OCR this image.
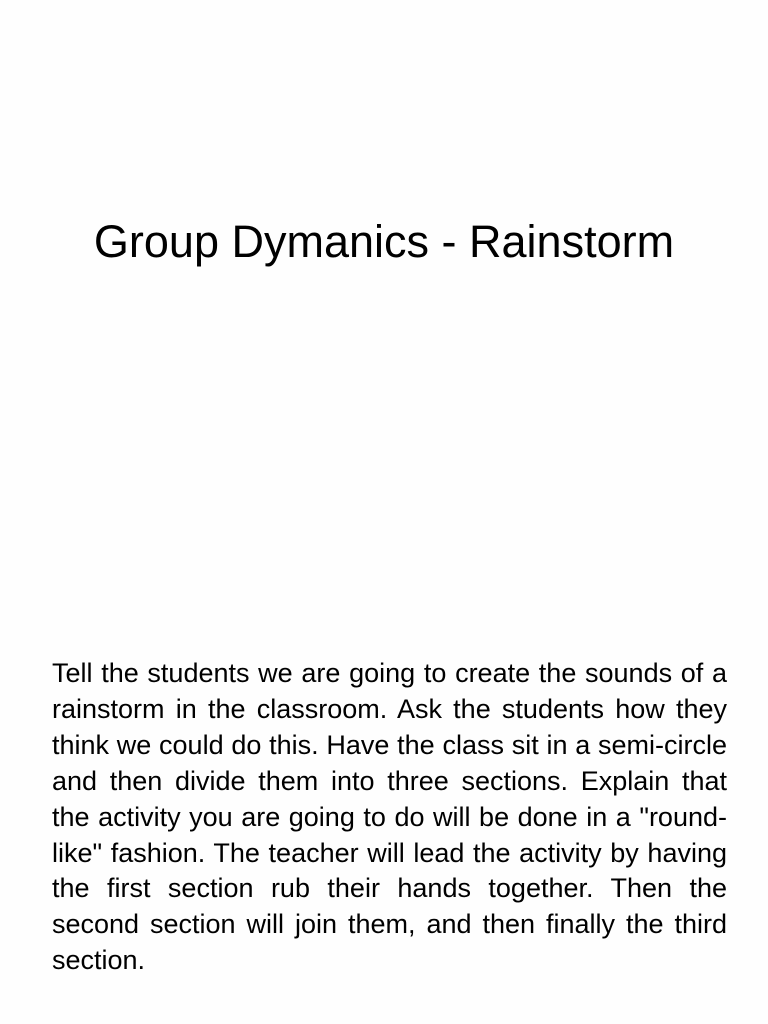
Group Dymanics - Rainstorm

Tell the students we are going to create the sounds of a rainstorm in the classroom. Ask the students how they think we could do this. Have the class sit in a semi-circle and then divide them into three sections. Explain that the activity you are going to do will be done in a "round-like" fashion. The teacher will lead the activity by having the first section rub their hands together. Then the second section will join them, and then finally the third section.
